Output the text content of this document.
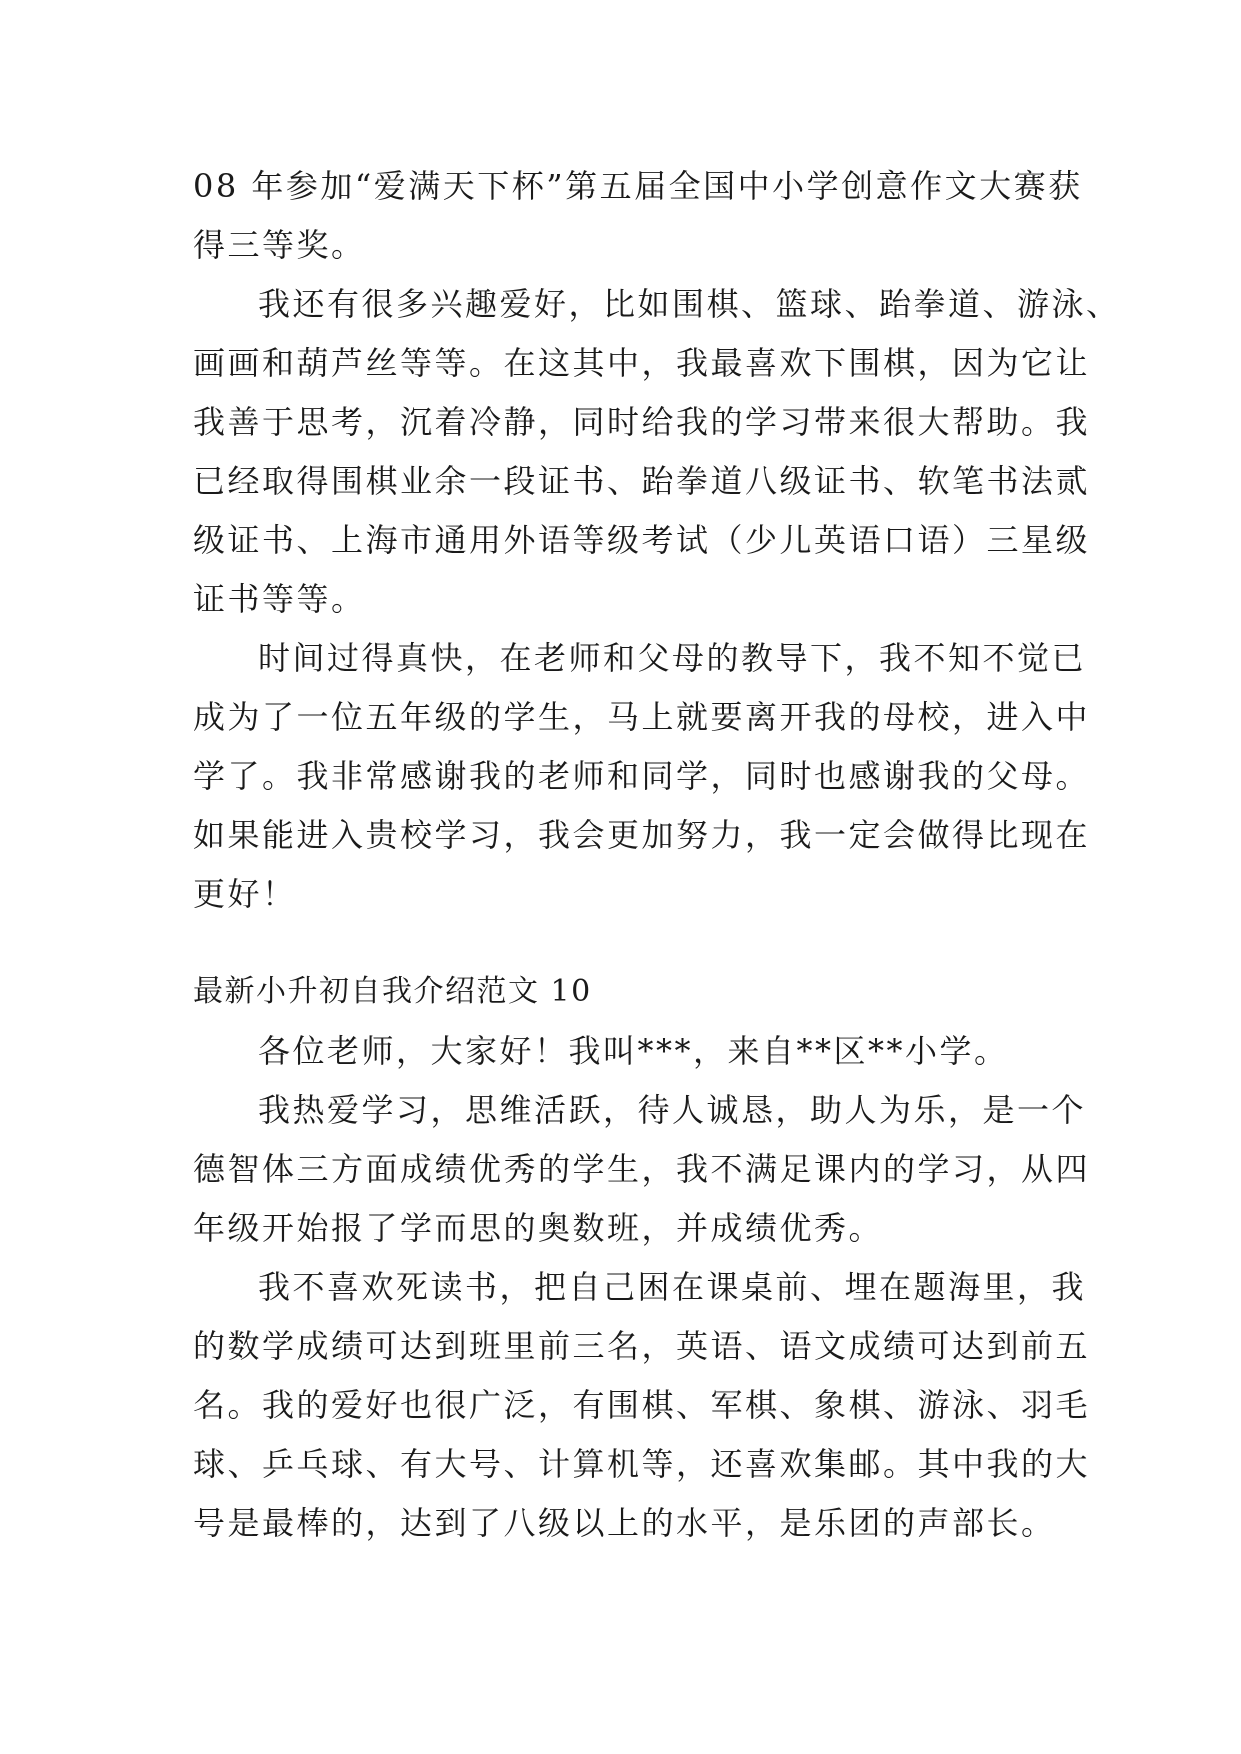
08 年参加“爱满天下杯”第五届全国中小学创意作文大赛获
得三等奖。
我还有很多兴趣爱好，比如围棋、篮球、跆拳道、游泳、
画画和葫芦丝等等。在这其中，我最喜欢下围棋，因为它让
我善于思考，沉着冷静，同时给我的学习带来很大帮助。我
已经取得围棋业余一段证书、跆拳道八级证书、软笔书法贰
级证书、上海市通用外语等级考试（少儿英语口语）三星级
证书等等。
时间过得真快，在老师和父母的教导下，我不知不觉已
成为了一位五年级的学生，马上就要离开我的母校，进入中
学了。我非常感谢我的老师和同学，同时也感谢我的父母。
如果能进入贵校学习，我会更加努力，我一定会做得比现在
更好！
最新小升初自我介绍范文 10
各位老师，大家好！我叫***，来自**区**小学。
我热爱学习，思维活跃，待人诚恳，助人为乐，是一个
德智体三方面成绩优秀的学生，我不满足课内的学习，从四
年级开始报了学而思的奥数班，并成绩优秀。
我不喜欢死读书，把自己困在课桌前、埋在题海里，我
的数学成绩可达到班里前三名，英语、语文成绩可达到前五
名。我的爱好也很广泛，有围棋、军棋、象棋、游泳、羽毛
球、乒乓球、有大号、计算机等，还喜欢集邮。其中我的大
号是最棒的，达到了八级以上的水平，是乐团的声部长。
